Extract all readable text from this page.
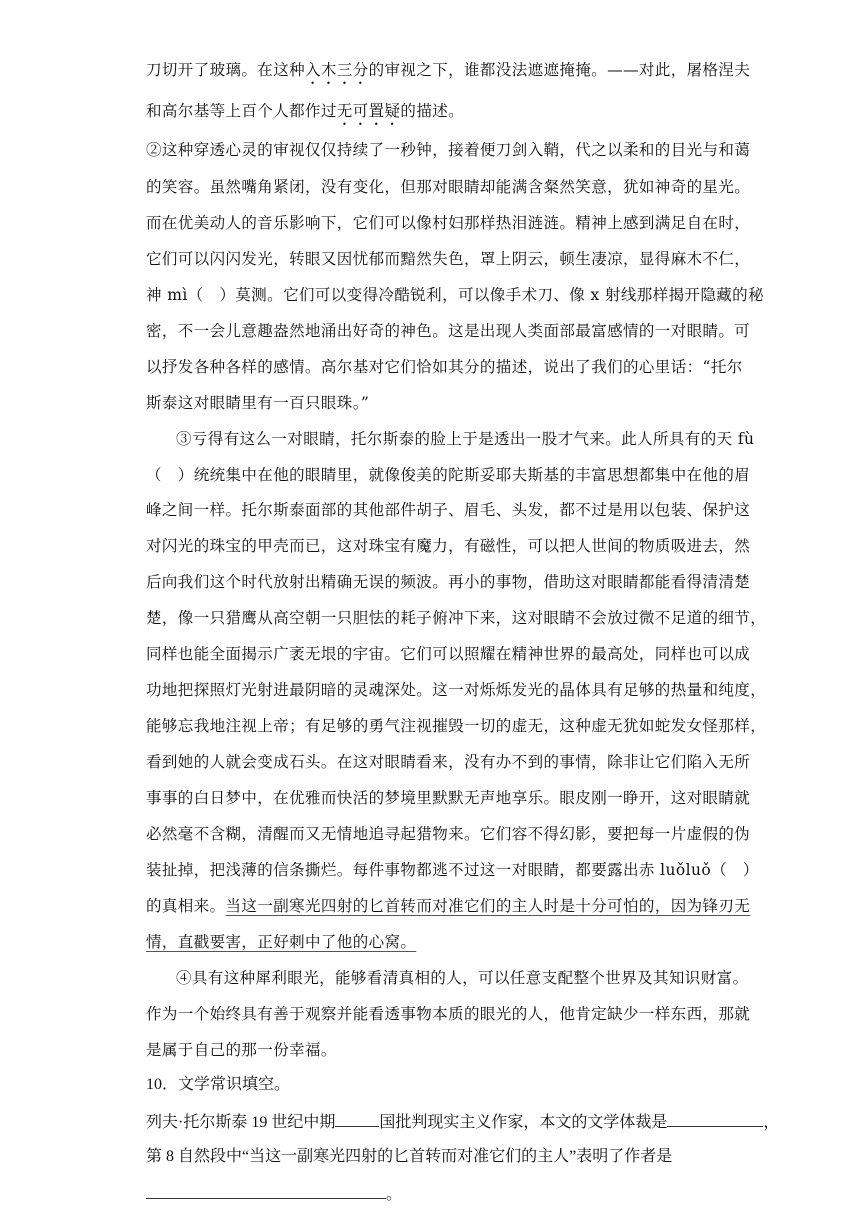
刀切开了玻璃。在这种入木三分的审视之下，谁都没法遮遮掩掩。——对此，屠格涅夫
和高尔基等上百个人都作过无可置疑的描述。
②这种穿透心灵的审视仅仅持续了一秒钟，接着便刀剑入鞘，代之以柔和的目光与和蔼
的笑容。虽然嘴角紧闭，没有变化，但那对眼睛却能满含粲然笑意，犹如神奇的星光。
而在优美动人的音乐影响下，它们可以像村妇那样热泪涟涟。精神上感到满足自在时，
它们可以闪闪发光，转眼又因忧郁而黯然失色，罩上阴云，顿生凄凉，显得麻木不仁，
神 mì（　）莫测。它们可以变得冷酷锐利，可以像手术刀、像 x 射线那样揭开隐藏的秘
密，不一会儿意趣盎然地涌出好奇的神色。这是出现人类面部最富感情的一对眼睛。可
以抒发各种各样的感情。高尔基对它们恰如其分的描述，说出了我们的心里话：“托尔
斯泰这对眼睛里有一百只眼珠。”
③亏得有这么一对眼睛，托尔斯泰的脸上于是透出一股才气来。此人所具有的天 fù
（　）统统集中在他的眼睛里，就像俊美的陀斯妥耶夫斯基的丰富思想都集中在他的眉
峰之间一样。托尔斯泰面部的其他部件胡子、眉毛、头发，都不过是用以包装、保护这
对闪光的珠宝的甲壳而已，这对珠宝有魔力，有磁性，可以把人世间的物质吸进去，然
后向我们这个时代放射出精确无误的频波。再小的事物，借助这对眼睛都能看得清清楚
楚，像一只猎鹰从高空朝一只胆怯的耗子俯冲下来，这对眼睛不会放过微不足道的细节，
同样也能全面揭示广袤无垠的宇宙。它们可以照耀在精神世界的最高处，同样也可以成
功地把探照灯光射进最阴暗的灵魂深处。这一对烁烁发光的晶体具有足够的热量和纯度，
能够忘我地注视上帝；有足够的勇气注视摧毁一切的虚无，这种虚无犹如蛇发女怪那样，
看到她的人就会变成石头。在这对眼睛看来，没有办不到的事情，除非让它们陷入无所
事事的白日梦中，在优雅而快活的梦境里默默无声地享乐。眼皮刚一睁开，这对眼睛就
必然毫不含糊，清醒而又无情地追寻起猎物来。它们容不得幻影，要把每一片虚假的伪
装扯掉，把浅薄的信条撕烂。每件事物都逃不过这一对眼睛，都要露出赤 luǒluǒ（　）
的真相来。当这一副寒光四射的匕首转而对准它们的主人时是十分可怕的，因为锋刃无
情，直戳要害，正好刺中了他的心窝。
④具有这种犀利眼光，能够看清真相的人，可以任意支配整个世界及其知识财富。
作为一个始终具有善于观察并能看透事物本质的眼光的人，他肯定缺少一样东西，那就
是属于自己的那一份幸福。
10．文学常识填空。
列夫·托尔斯泰 19 世纪中期	国批判现实主义作家，本文的文学体裁是	，
第 8 自然段中“当这一副寒光四射的匕首转而对准它们的主人”表明了作者是
。
